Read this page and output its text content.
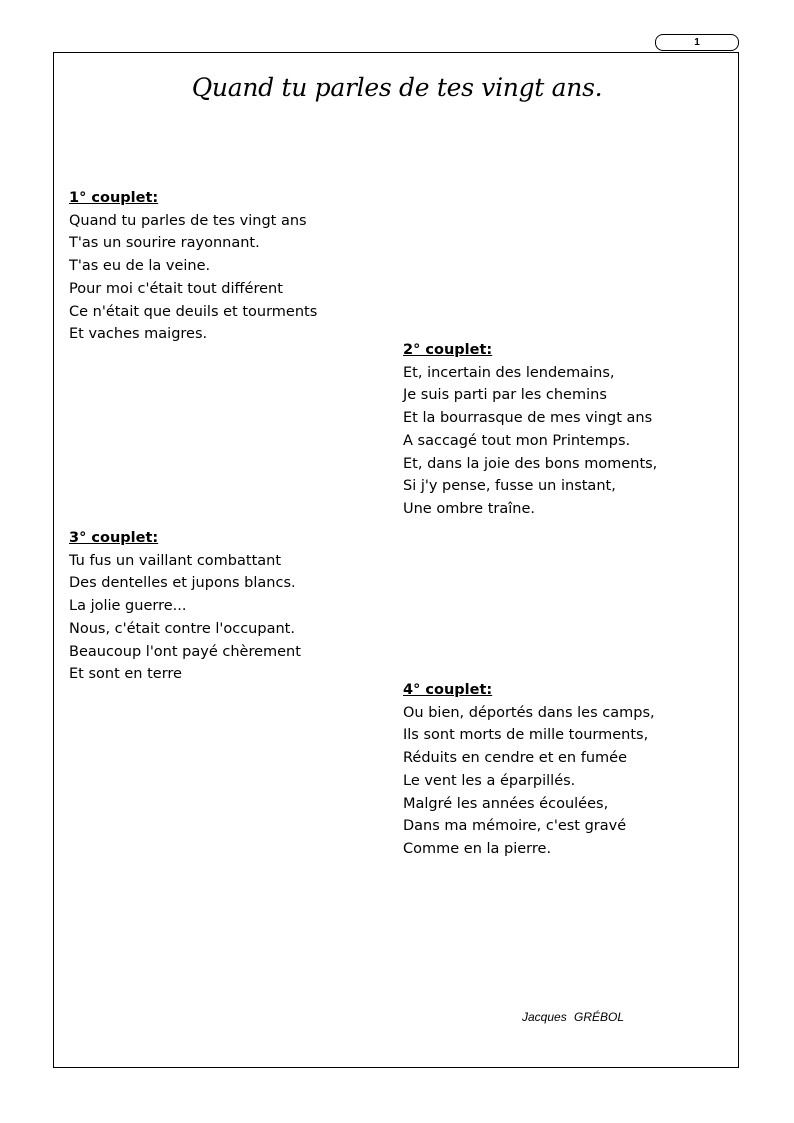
1
Quand tu parles de tes vingt ans.
1° couplet:
Quand tu parles de tes vingt ans
T'as un sourire rayonnant.
T'as eu de la veine.
Pour moi c'était tout différent
Ce n'était que deuils et tourments
Et vaches maigres.
2° couplet:
Et, incertain des lendemains,
Je suis parti par les chemins
Et la bourrasque de mes vingt ans
A saccagé tout mon Printemps.
Et, dans la joie des bons moments,
Si j'y pense, fusse un instant,
Une ombre traîne.
3° couplet:
Tu fus un vaillant combattant
Des dentelles et jupons blancs.
La jolie guerre...
Nous, c'était contre l'occupant.
Beaucoup l'ont payé chèrement
Et sont en terre
4° couplet:
Ou bien, déportés dans les camps,
Ils sont morts de mille tourments,
Réduits en cendre et en fumée
Le vent les a éparpillés.
Malgré les années écoulées,
Dans ma mémoire, c'est gravé
Comme en la pierre.
Jacques GRÉBOL
